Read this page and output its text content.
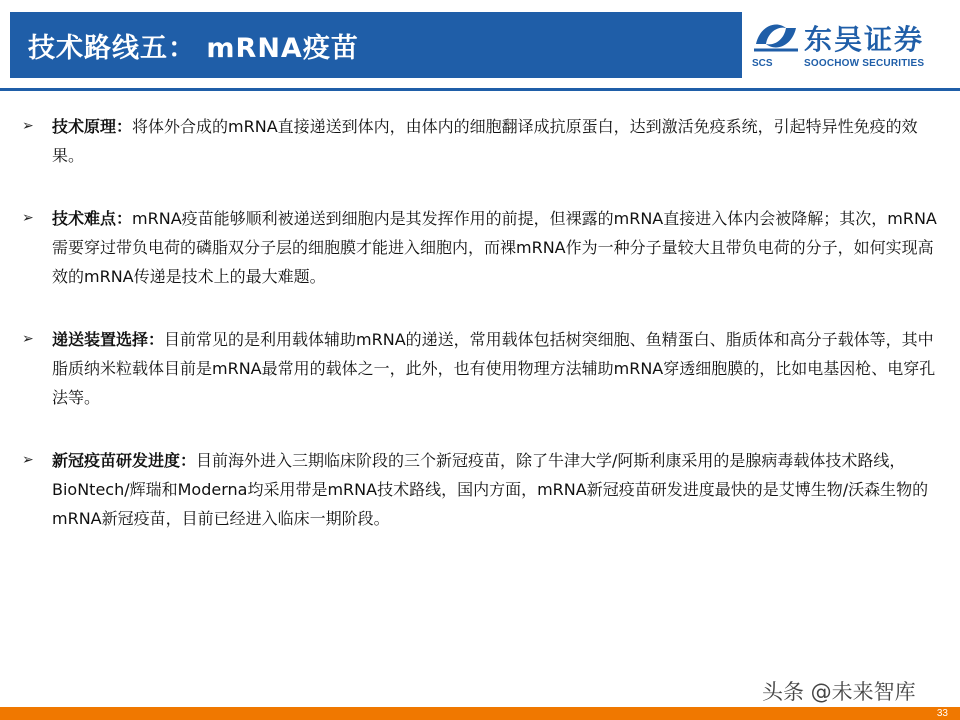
技术路线五： mRNA疫苗	SCS
东吴证券
SOOCHOW SECURITIES
➢ 技术原理：将体外合成的mRNA直接递送到体内，由体内的细胞翻译成抗原蛋白，达到激活免疫系统，引起特异性免疫的效果。
➢ 技术难点：mRNA疫苗能够顺利被递送到细胞内是其发挥作用的前提，但裸露的mRNA直接进入体内会被降解；其次，mRNA需要穿过带负电荷的磷脂双分子层的细胞膜才能进入细胞内，而裸mRNA作为一种分子量较大且带负电荷的分子，如何实现高效的mRNA传递是技术上的最大难题。
➢ 递送装置选择：目前常见的是利用载体辅助mRNA的递送，常用载体包括树突细胞、鱼精蛋白、脂质体和高分子载体等，其中脂质纳米粒载体目前是mRNA最常用的载体之一，此外，也有使用物理方法辅助mRNA穿透细胞膜的，比如电基因枪、电穿孔法等。
➢ 新冠疫苗研发进度：目前海外进入三期临床阶段的三个新冠疫苗，除了牛津大学/阿斯利康采用的是腺病毒载体技术路线，BioNtech/辉瑞和Moderna均采用带是mRNA技术路线，国内方面，mRNA新冠疫苗研发进度最快的是艾博生物/沃森生物的mRNA新冠疫苗，目前已经进入临床一期阶段。
头条 @未来智库
33
